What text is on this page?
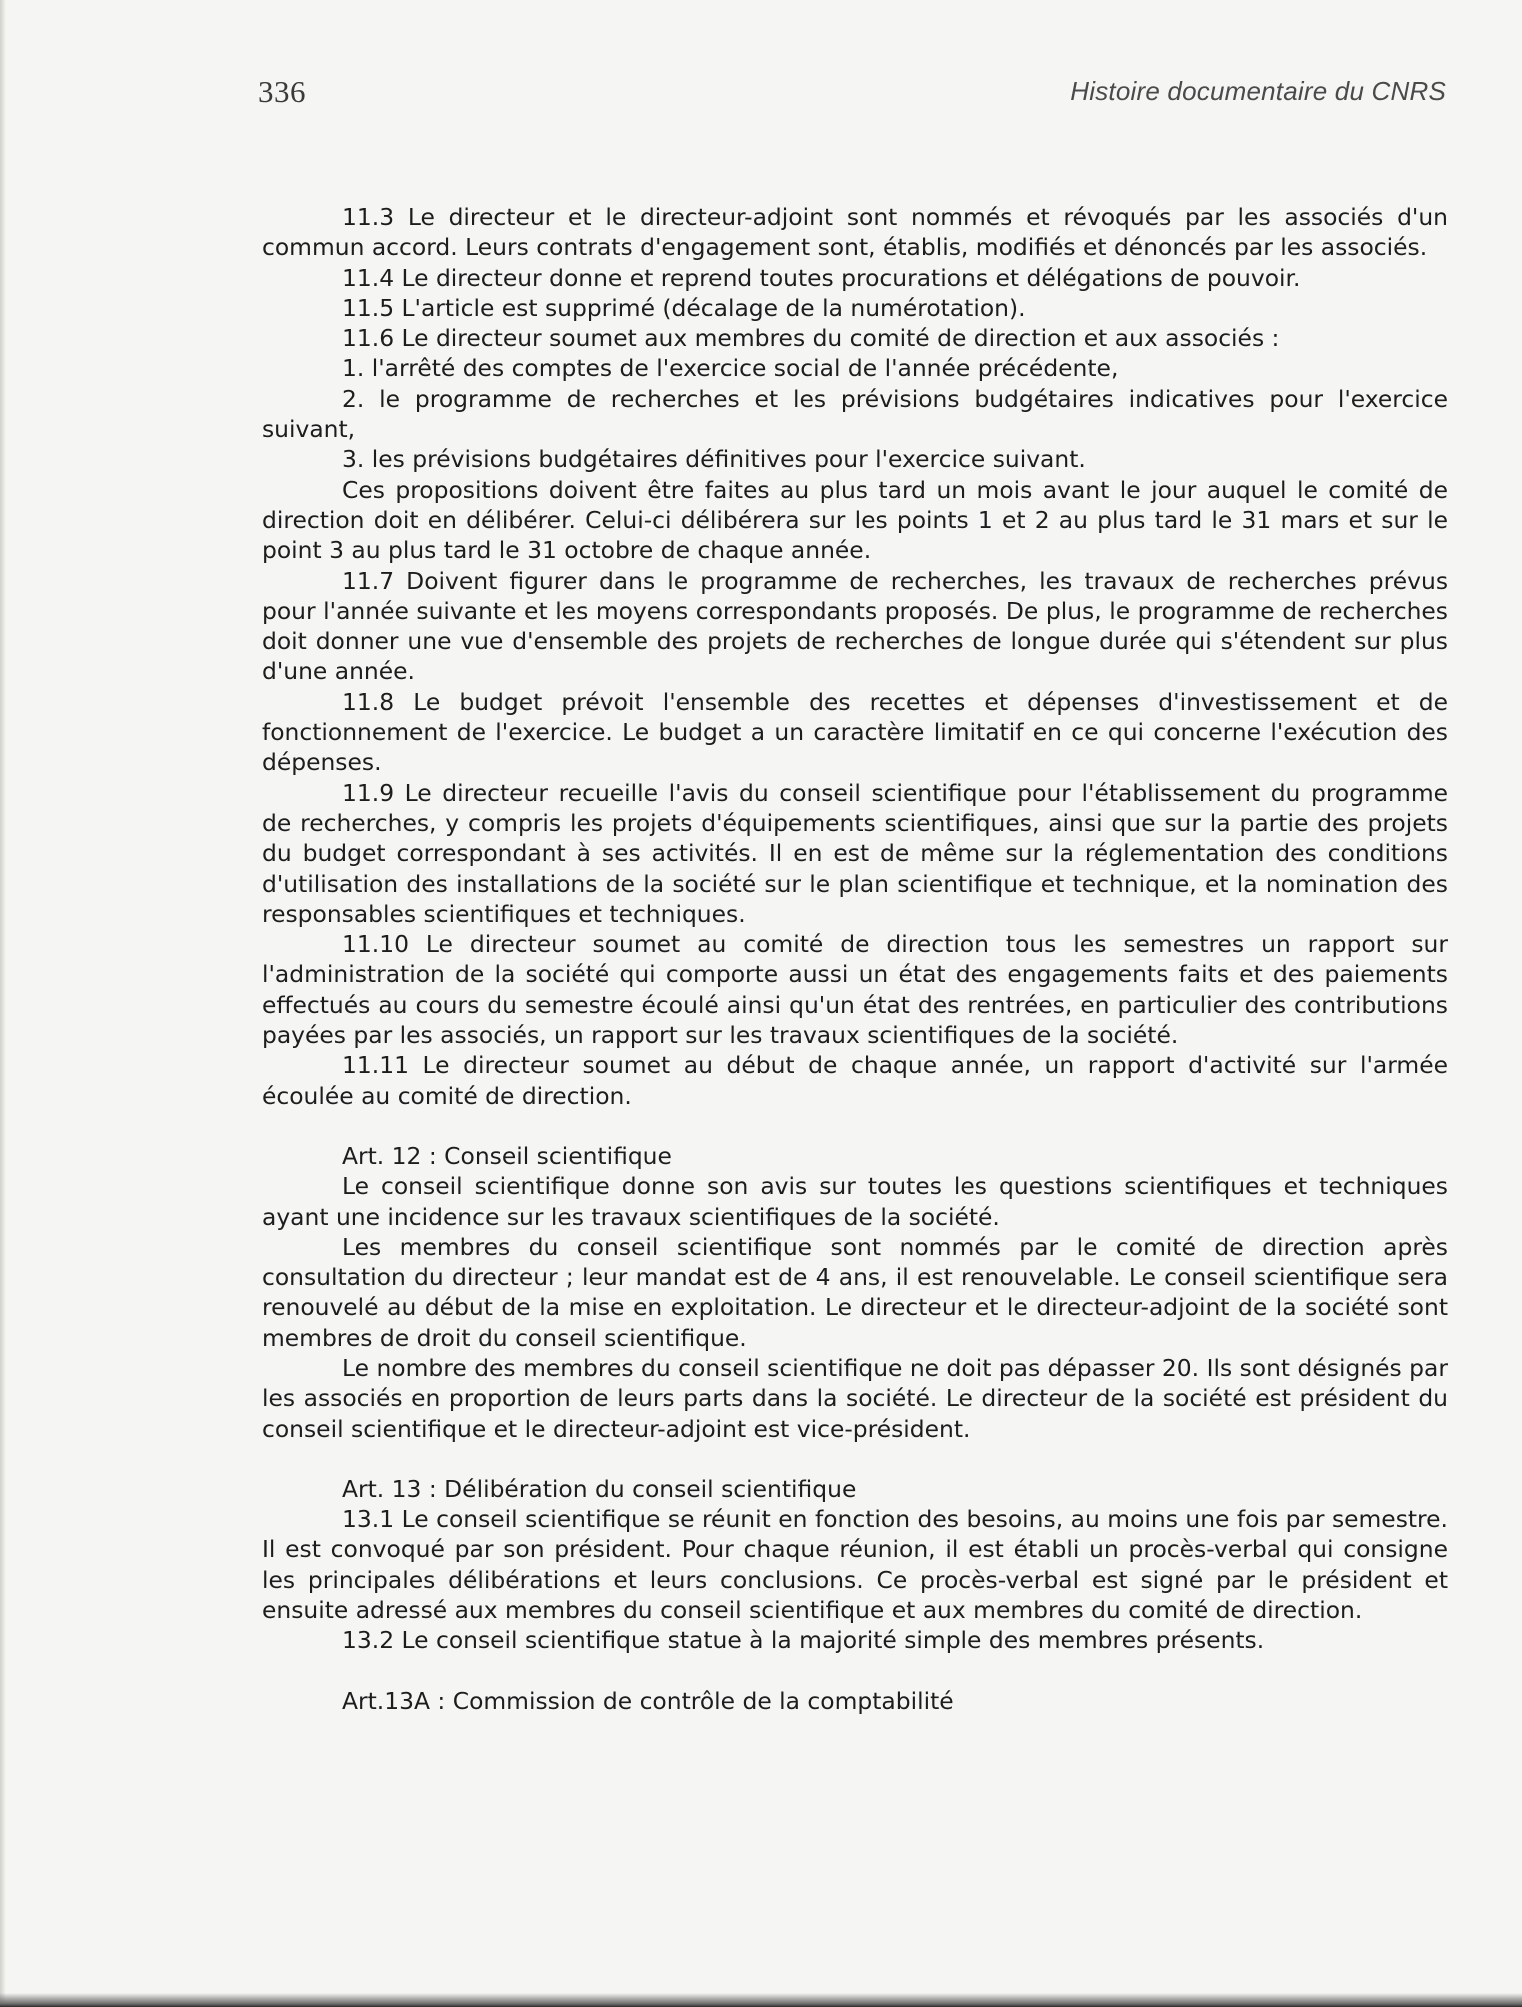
336	Histoire documentaire du CNRS

11.3 Le directeur et le directeur-adjoint sont nommés et révoqués par les associés d'un commun accord. Leurs contrats d'engagement sont, établis, modifiés et dénoncés par les associés.

11.4 Le directeur donne et reprend toutes procurations et délégations de pouvoir.

11.5 L'article est supprimé (décalage de la numérotation).

11.6 Le directeur soumet aux membres du comité de direction et aux associés :

1. l'arrêté des comptes de l'exercice social de l'année précédente,

2. le programme de recherches et les prévisions budgétaires indicatives pour l'exercice suivant,

3. les prévisions budgétaires définitives pour l'exercice suivant.

Ces propositions doivent être faites au plus tard un mois avant le jour auquel le comité de direction doit en délibérer. Celui-ci délibérera sur les points 1 et 2 au plus tard le 31 mars et sur le point 3 au plus tard le 31 octobre de chaque année.

11.7 Doivent figurer dans le programme de recherches, les travaux de recherches prévus pour l'année suivante et les moyens correspondants proposés. De plus, le programme de recherches doit donner une vue d'ensemble des projets de recherches de longue durée qui s'étendent sur plus d'une année.

11.8 Le budget prévoit l'ensemble des recettes et dépenses d'investissement et de fonctionnement de l'exercice. Le budget a un caractère limitatif en ce qui concerne l'exécution des dépenses.

11.9 Le directeur recueille l'avis du conseil scientifique pour l'établissement du programme de recherches, y compris les projets d'équipements scientifiques, ainsi que sur la partie des projets du budget correspondant à ses activités. Il en est de même sur la réglementation des conditions d'utilisation des installations de la société sur le plan scientifique et technique, et la nomination des responsables scientifiques et techniques.

11.10 Le directeur soumet au comité de direction tous les semestres un rapport sur l'administration de la société qui comporte aussi un état des engagements faits et des paiements effectués au cours du semestre écoulé ainsi qu'un état des rentrées, en particulier des contributions payées par les associés, un rapport sur les travaux scientifiques de la société.

11.11 Le directeur soumet au début de chaque année, un rapport d'activité sur l'armée écoulée au comité de direction.

Art. 12 : Conseil scientifique

Le conseil scientifique donne son avis sur toutes les questions scientifiques et techniques ayant une incidence sur les travaux scientifiques de la société.

Les membres du conseil scientifique sont nommés par le comité de direction après consultation du directeur ; leur mandat est de 4 ans, il est renouvelable. Le conseil scientifique sera renouvelé au début de la mise en exploitation. Le directeur et le directeur-adjoint de la société sont membres de droit du conseil scientifique.

Le nombre des membres du conseil scientifique ne doit pas dépasser 20. Ils sont désignés par les associés en proportion de leurs parts dans la société. Le directeur de la société est président du conseil scientifique et le directeur-adjoint est vice-président.

Art. 13 : Délibération du conseil scientifique

13.1 Le conseil scientifique se réunit en fonction des besoins, au moins une fois par semestre. Il est convoqué par son président. Pour chaque réunion, il est établi un procès-verbal qui consigne les principales délibérations et leurs conclusions. Ce procès-verbal est signé par le président et ensuite adressé aux membres du conseil scientifique et aux membres du comité de direction.

13.2 Le conseil scientifique statue à la majorité simple des membres présents.

Art.13A : Commission de contrôle de la comptabilité
